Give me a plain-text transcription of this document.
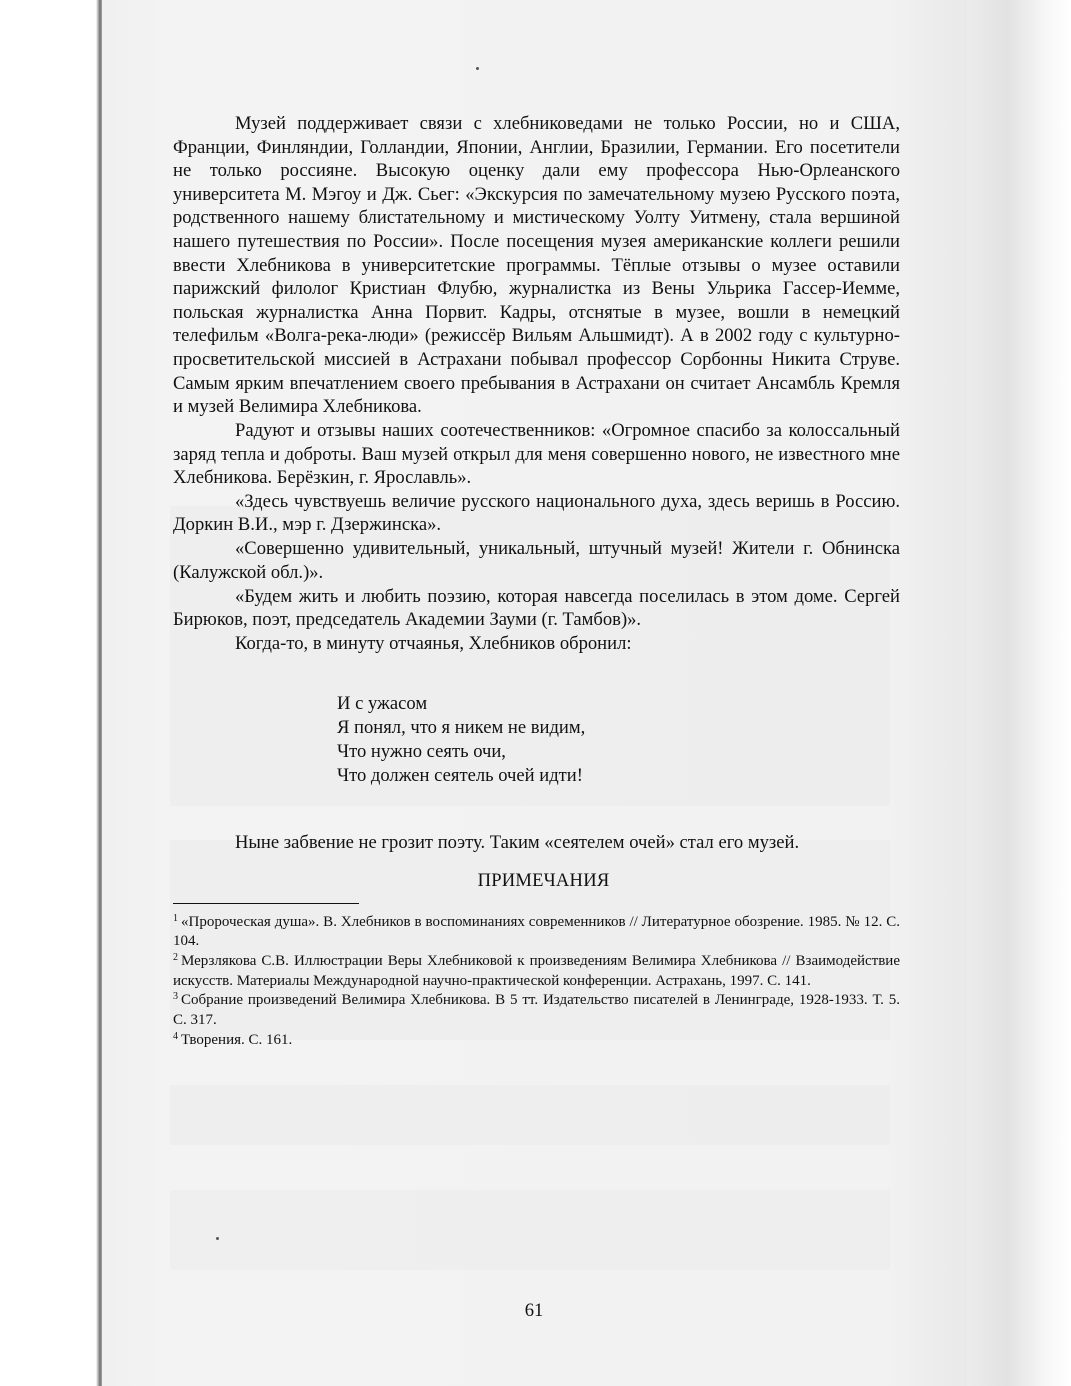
Музей поддерживает связи с хлебниковедами не только России, но и США, Франции, Финляндии, Голландии, Японии, Англии, Бразилии, Германии. Его посетители не только россияне. Высокую оценку дали ему профессора Нью-Орлеанского университета М. Мэгоу и Дж. Сьег: «Экскурсия по замечательному музею Русского поэта, родственного нашему блистательному и мистическому Уолту Уитмену, стала вершиной нашего путешествия по России». После посещения музея американские коллеги решили ввести Хлебникова в университетские программы. Тёплые отзывы о музее оставили парижский филолог Кристиан Флубю, журналистка из Вены Ульрика Гассер-Иемме, польская журналистка Анна Порвит. Кадры, отснятые в музее, вошли в немецкий телефильм «Волга-река-люди» (режиссёр Вильям Альшмидт). А в 2002 году с культурно-просветительской миссией в Астрахани побывал профессор Сорбонны Никита Струве. Самым ярким впечатлением своего пребывания в Астрахани он считает Ансамбль Кремля и музей Велимира Хлебникова.

Радуют и отзывы наших соотечественников: «Огромное спасибо за колоссальный заряд тепла и доброты. Ваш музей открыл для меня совершенно нового, не известного мне Хлебникова. Берёзкин, г. Ярославль».

«Здесь чувствуешь величие русского национального духа, здесь веришь в Россию. Доркин В.И., мэр г. Дзержинска».

«Совершенно удивительный, уникальный, штучный музей! Жители г. Обнинска (Калужской обл.)».

«Будем жить и любить поэзию, которая навсегда поселилась в этом доме. Сергей Бирюков, поэт, председатель Академии Зауми (г. Тамбов)».

Когда-то, в минуту отчаянья, Хлебников обронил:

И с ужасом
Я понял, что я никем не видим,
Что нужно сеять очи,
Что должен сеятель очей идти!

Ныне забвение не грозит поэту. Таким «сеятелем очей» стал его музей.

ПРИМЕЧАНИЯ
$^1$ «Пророческая душа». В. Хлебников в воспоминаниях современников // Литературное обозрение. 1985. № 12. С. 104.
$^2$ Мерзлякова С.В. Иллюстрации Веры Хлебниковой к произведениям Велимира Хлебникова // Взаимодействие искусств. Материалы Международной научно-практической конференции. Астрахань, 1997. С. 141.
$^3$ Собрание произведений Велимира Хлебникова. В 5 тт. Издательство писателей в Ленинграде, 1928-1933. Т. 5. С. 317.
$^4$ Творения. С. 161.
61
